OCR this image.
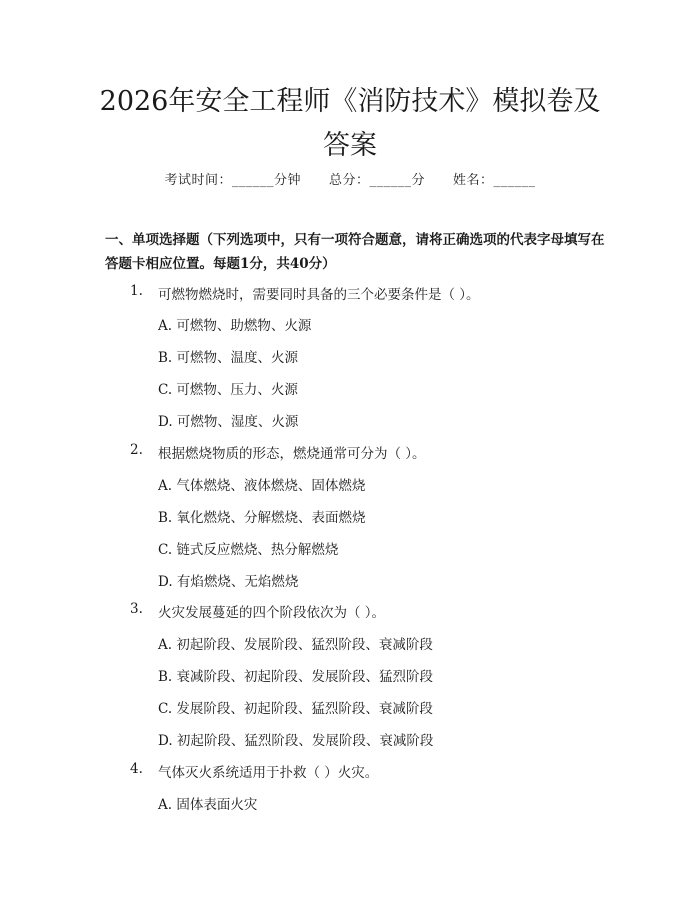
2026年安全工程师《消防技术》模拟卷及答案
考试时间：______分钟 总分：______分 姓名：______
一、单项选择题（下列选项中，只有一项符合题意，请将正确选项的代表字母填写在答题卡相应位置。每题1分，共40分）
1. 可燃物燃烧时，需要同时具备的三个必要条件是（ ）。
A. 可燃物、助燃物、火源
B. 可燃物、温度、火源
C. 可燃物、压力、火源
D. 可燃物、湿度、火源
2. 根据燃烧物质的形态，燃烧通常可分为（ ）。
A. 气体燃烧、液体燃烧、固体燃烧
B. 氧化燃烧、分解燃烧、表面燃烧
C. 链式反应燃烧、热分解燃烧
D. 有焰燃烧、无焰燃烧
3. 火灾发展蔓延的四个阶段依次为（ ）。
A. 初起阶段、发展阶段、猛烈阶段、衰减阶段
B. 衰减阶段、初起阶段、发展阶段、猛烈阶段
C. 发展阶段、初起阶段、猛烈阶段、衰减阶段
D. 初起阶段、猛烈阶段、发展阶段、衰减阶段
4. 气体灭火系统适用于扑救（ ）火灾。
A. 固体表面火灾
